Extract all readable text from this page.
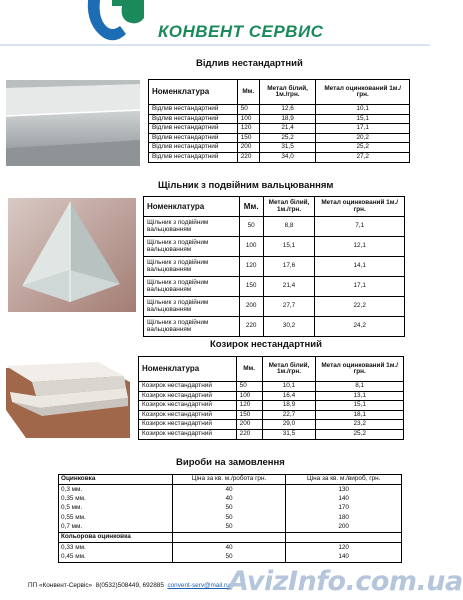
КОНВЕНТ СЕРВИС
Відлив нестандартний
Номенклатура	Мм.	Метал білий, 1м./грн.	Метал оцинкований 1м./грн.
Відлив нестандартний	50	12,6	10,1
Відлив нестандартний	100	18,9	15,1
Відлив нестандартний	120	21,4	17,1
Відлив нестандартний	150	25,2	20,2
Відлив нестандартний	200	31,5	25,2
Відлив нестандартний	220	34,0	27,2
Щільник з подвійним вальцюванням
Номенклатура	Мм.	Метал білий, 1м./грн.	Метал оцинкований 1м./грн.
Щільник з подвійним вальцюванням	50	8,8	7,1
Щільник з подвійним вальцюванням	100	15,1	12,1
Щільник з подвійним вальцюванням	120	17,6	14,1
Щільник з подвійним вальцюванням	150	21,4	17,1
Щільник з подвійним вальцюванням	200	27,7	22,2
Щільник з подвійним вальцюванням	220	30,2	24,2
Козирок нестандартний
Номенклатура	Мм.	Метал білий, 1м./грн.	Метал оцинкований 1м./грн.
Козирок нестандартний	50	10,1	8,1
Козирок нестандартний	100	16,4	13,1
Козирок нестандартний	120	18,9	15,1
Козирок нестандартний	150	22,7	18,1
Козирок нестандартний	200	29,0	23,2
Козирок нестандартний	220	31,5	25,2
Вироби на замовлення
Оцинковка	Ціна за кв. м./робота грн.	Ціна за кв. м./вироб, грн.
0,3 мм.	40	130
0,35 мм.	40	140
0,5 мм.	50	170
0,55 мм.	50	180
0,7 мм.	50	200
Кольорова оцинковка		
0,33 мм.	40	120
0,45 мм.	50	140
ПП «Конвент-Сервіс» 8(0532)508449, 692885 convent-serv@mail.ru
AvizInfo.com.ua
